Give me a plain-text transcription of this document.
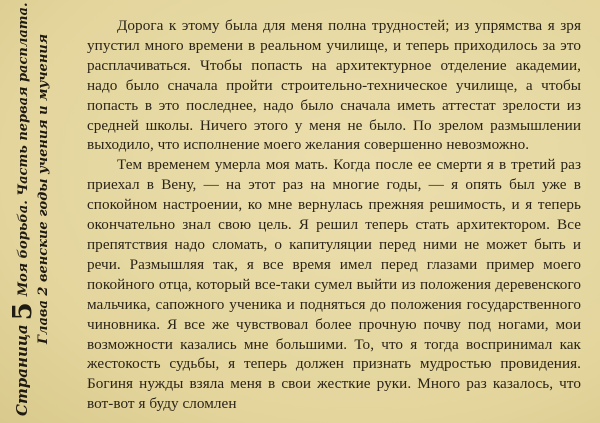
Страница5Моя борьба. Часть первая расплата. Глава 2 венские годы учения и мучения

Дорога к этому была для меня полна трудностей; из упрямства я зря упустил много времени в реальном училище, и теперь приходилось за это расплачиваться. Чтобы попасть на архитектурное отделение академии, надо было сначала пройти строительно-техническое училище, а чтобы попасть в это последнее, надо было сначала иметь аттестат зрелости из средней школы. Ничего этого у меня не было. По зрелом размышлении выходило, что исполнение моего желания совершенно невозможно.

Тем временем умерла моя мать. Когда после ее смерти я в третий раз приехал в Вену, — на этот раз на многие годы, — я опять был уже в спокойном настроении, ко мне вернулась прежняя решимость, и я теперь окончательно знал свою цель. Я решил теперь стать архитектором. Все препятствия надо сломать, о капитуляции перед ними не может быть и речи. Размышляя так, я все время имел перед глазами пример моего покойного отца, который все-таки сумел выйти из положения деревенского мальчика, сапожного ученика и подняться до положения государственного чиновника. Я все же чувствовал более прочную почву под ногами, мои возможности казались мне большими. То, что я тогда воспринимал как жестокость судьбы, я теперь должен признать мудростью провидения. Богиня нужды взяла меня в свои жесткие руки. Много раз казалось, что вот-вот я буду сломлен
